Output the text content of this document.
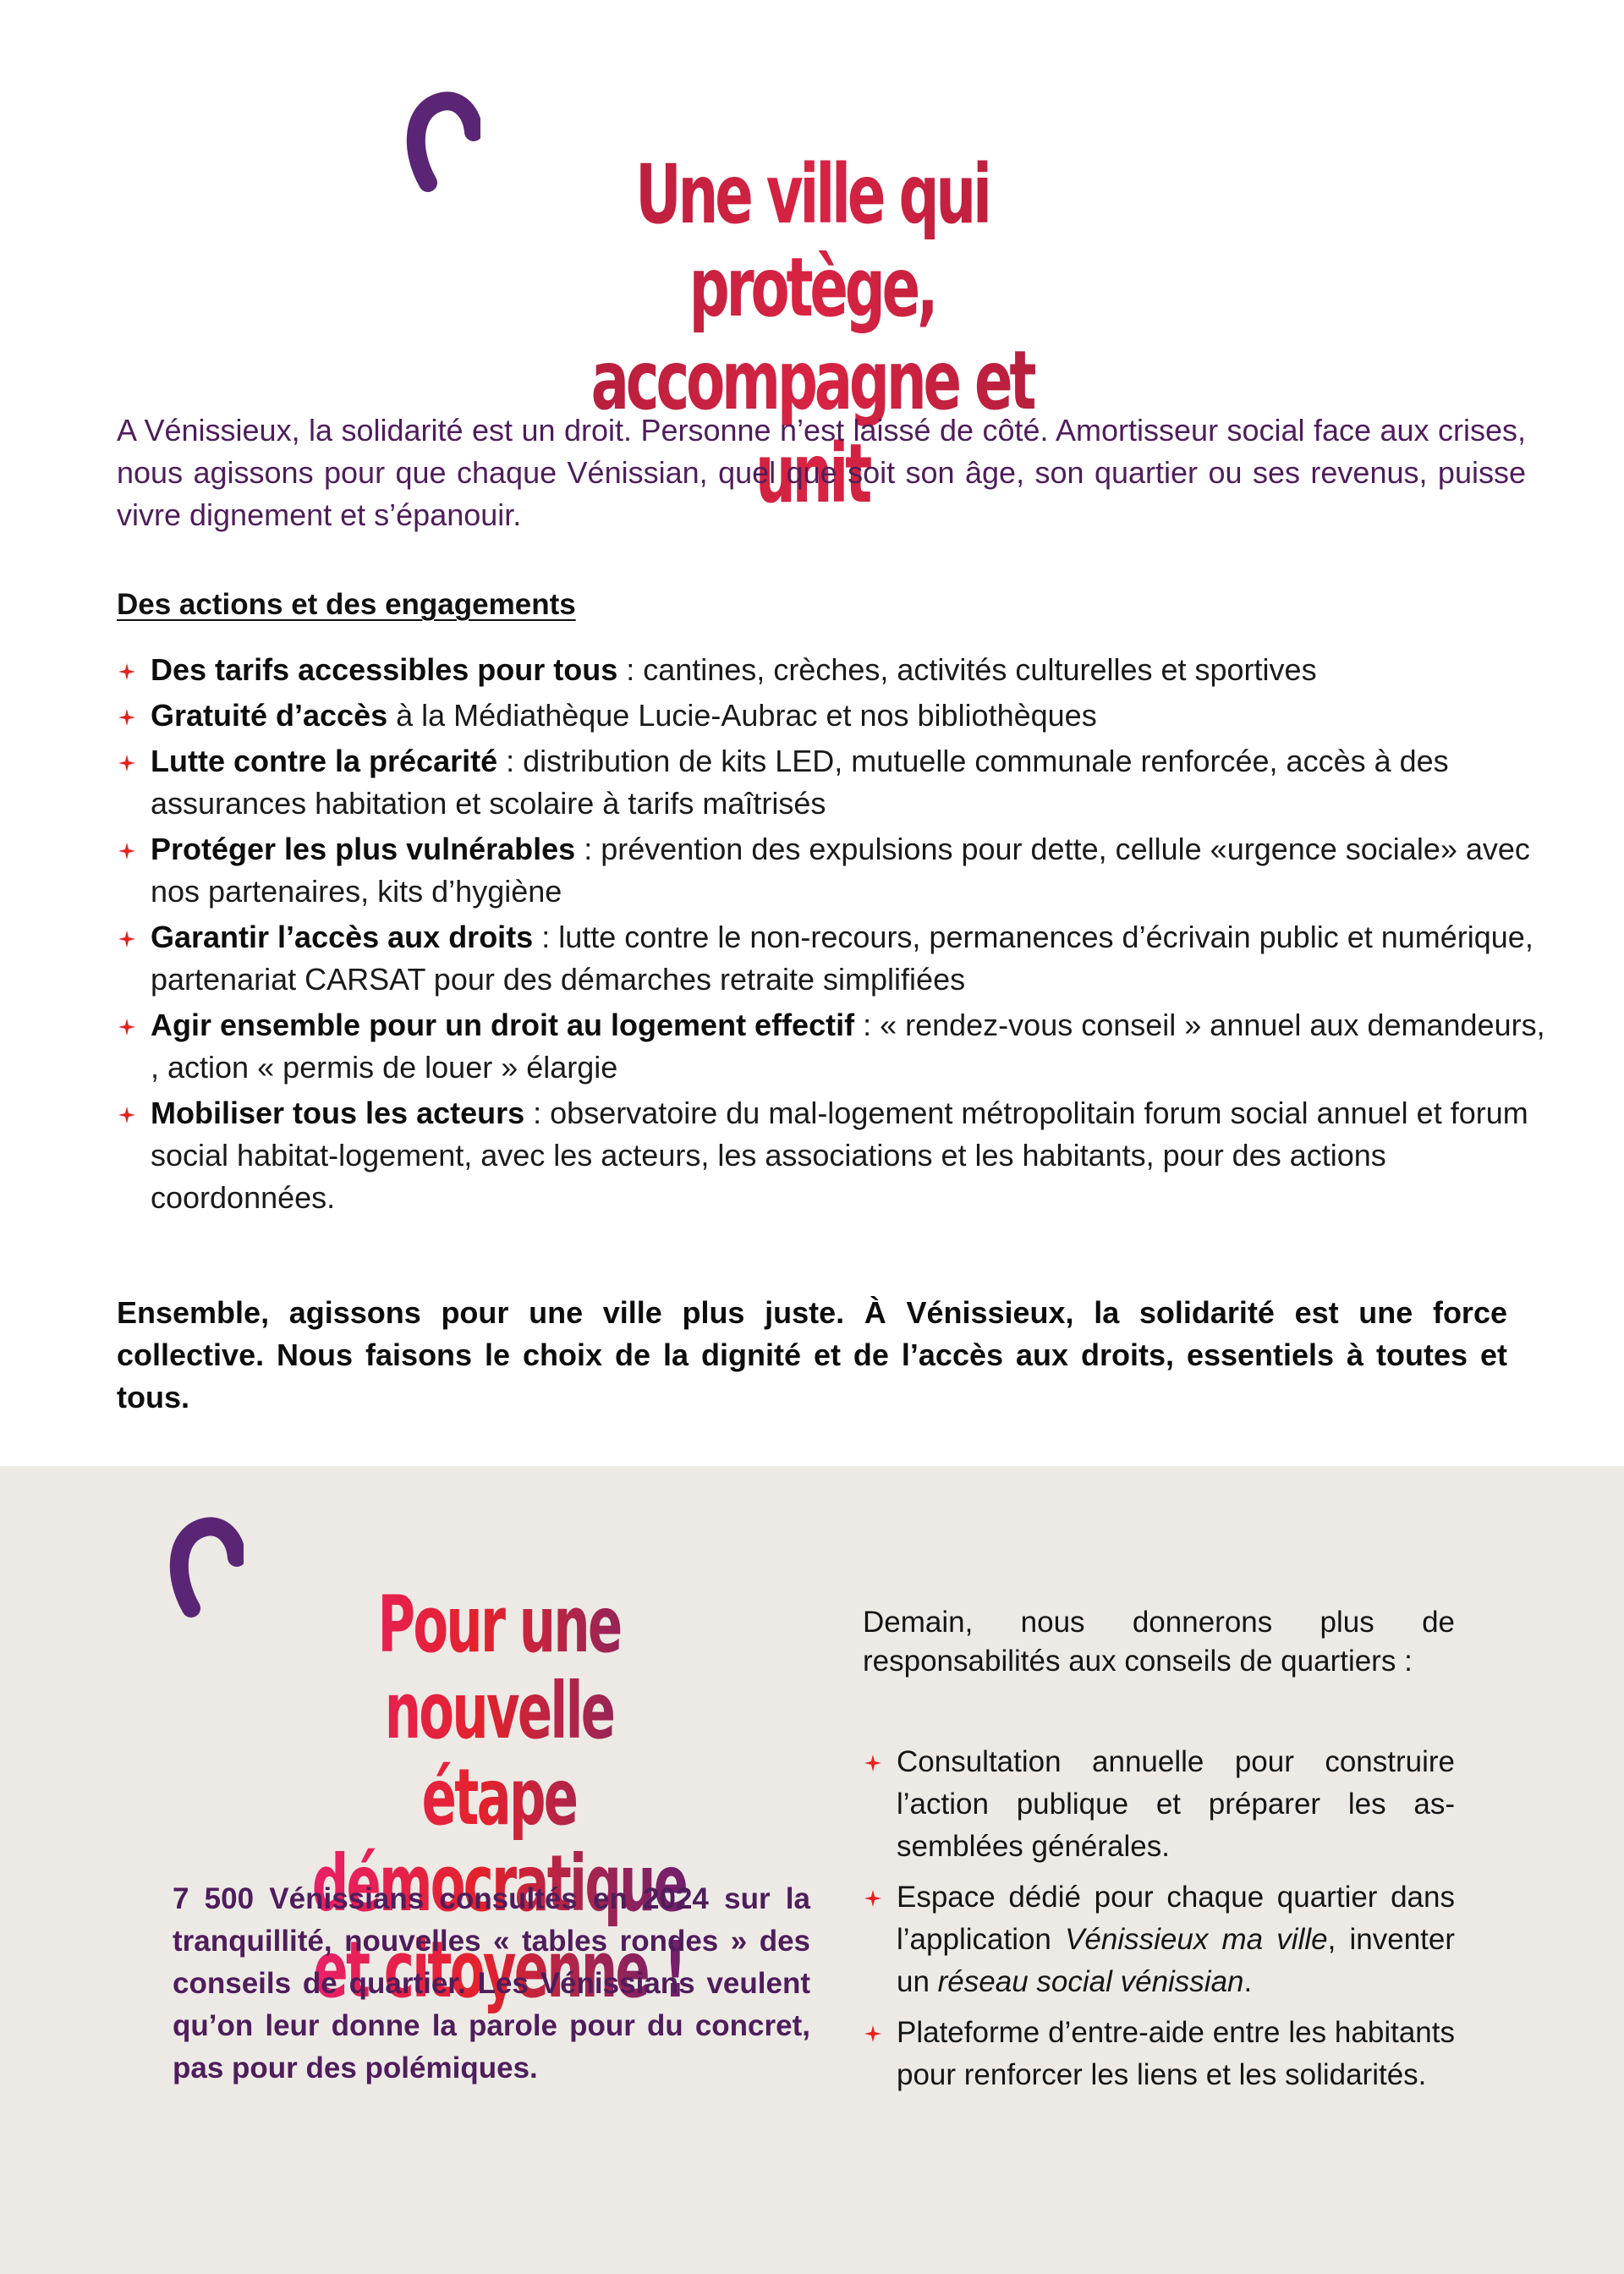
Une ville qui protège,
accompagne et unit

A Vénissieux, la solidarité est un droit. Personne n’est laissé de côté. Amortisseur social face aux crises, nous agissons pour que chaque Vénissian, quel que soit son âge, son quartier ou ses revenus, puisse vivre dignement et s’épanouir.

Des actions et des engagements
Des tarifs accessibles pour tous : cantines, crèches, activités culturelles et sportives
Gratuité d’accès à la Médiathèque Lucie-Aubrac et nos bibliothèques
Lutte contre la précarité : distribution de kits LED, mutuelle communale renforcée, accès à des assurances habitation et scolaire à tarifs maîtrisés
Protéger les plus vulnérables : prévention des expulsions pour dette, cellule «urgence sociale» avec nos partenaires, kits d’hygiène
Garantir l’accès aux droits : lutte contre le non-recours, permanences d’écrivain public et numérique, partenariat CARSAT pour des démarches retraite simplifiées
Agir ensemble pour un droit au logement effectif : « rendez-vous conseil » annuel aux demandeurs, , action « permis de louer » élargie
Mobiliser tous les acteurs : observatoire du mal-logement métropolitain forum social annuel et forum social habitat-logement, avec les acteurs, les associations et les habitants, pour des actions coordonnées.

Ensemble, agissons pour une ville plus juste. À Vénissieux, la solidarité est une force collective. Nous faisons le choix de la dignité et de l’accès aux droits, essentiels à toutes et tous.

Pour une nouvelle
étape démocratique
et citoyenne !

7 500 Vénissians consultés en 2024 sur la tranquillité, nouvelles « tables rondes » des conseils de quartier. Les Vénissians veulent qu’on leur donne la parole pour du concret, pas pour des polémiques.

Demain, nous donnerons plus de responsabilités aux conseils de quartiers :

Consultation annuelle pour construire l’action publique et préparer les assemblées générales.
Espace dédié pour chaque quartier dans l’application Vénissieux ma ville, inventer un réseau social vénissian.
Plateforme d’entre-aide entre les habitants pour renforcer les liens et les solidarités.
